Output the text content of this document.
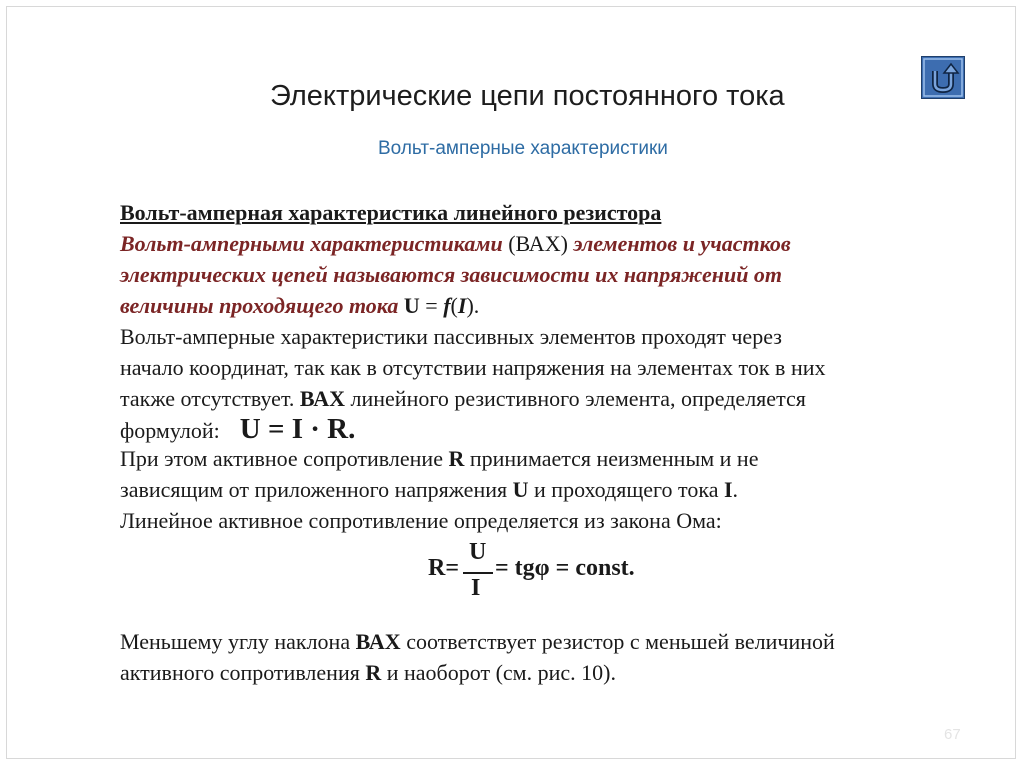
Электрические цепи постоянного тока
Вольт-амперные характеристики
Вольт-амперная характеристика линейного резистора
Вольт-амперными характеристиками (ВАХ) элементов и участков
электрических цепей называются зависимости их напряжений от
величины проходящего тока U = f(I).
Вольт-амперные характеристики пассивных элементов проходят через
начало координат, так как в отсутствии напряжения на элементах ток в них
также отсутствует. ВАХ линейного резистивного элемента, определяется
формулой: U = I · R.
При этом активное сопротивление R принимается неизменным и не
зависящим от приложенного напряжения U и проходящего тока I.
Линейное активное сопротивление определяется из закона Ома:
R=
U
I
= tgφ = const.
Меньшему углу наклона ВАХ соответствует резистор с меньшей величиной
активного сопротивления R и наоборот (см. рис. 10).
67
